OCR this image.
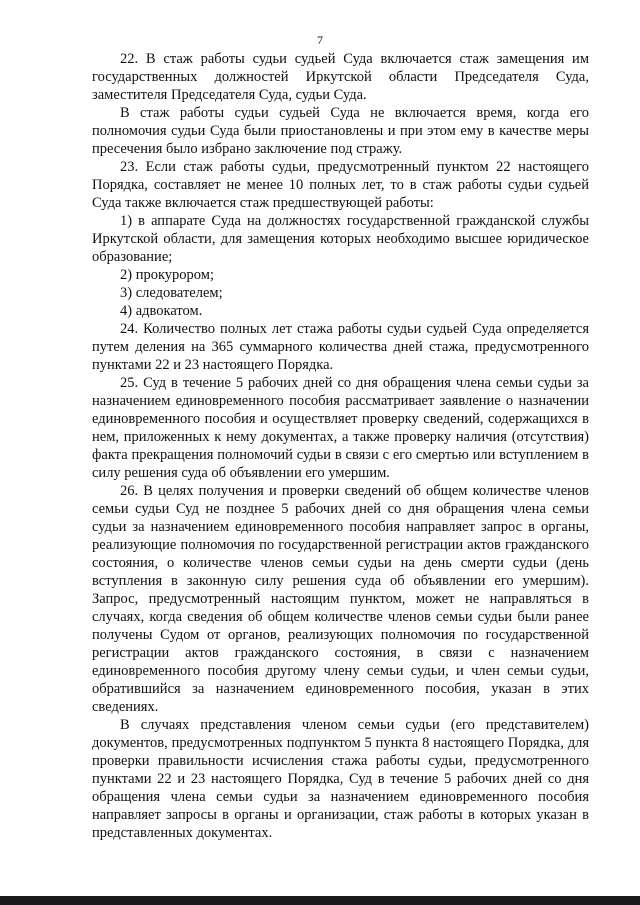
7

22. В стаж работы судьи судьей Суда включается стаж замещения им государственных должностей Иркутской области Председателя Суда, заместителя Председателя Суда, судьи Суда.

В стаж работы судьи судьей Суда не включается время, когда его полномочия судьи Суда были приостановлены и при этом ему в качестве меры пресечения было избрано заключение под стражу.

23. Если стаж работы судьи, предусмотренный пунктом 22 настоящего Порядка, составляет не менее 10 полных лет, то в стаж работы судьи судьей Суда также включается стаж предшествующей работы:

1) в аппарате Суда на должностях государственной гражданской службы Иркутской области, для замещения которых необходимо высшее юридическое образование;

2) прокурором;

3) следователем;

4) адвокатом.

24. Количество полных лет стажа работы судьи судьей Суда определяется путем деления на 365 суммарного количества дней стажа, предусмотренного пунктами 22 и 23 настоящего Порядка.

25. Суд в течение 5 рабочих дней со дня обращения члена семьи судьи за назначением единовременного пособия рассматривает заявление о назначении единовременного пособия и осуществляет проверку сведений, содержащихся в нем, приложенных к нему документах, а также проверку наличия (отсутствия) факта прекращения полномочий судьи в связи с его смертью или вступлением в силу решения суда об объявлении его умершим.

26. В целях получения и проверки сведений об общем количестве членов семьи судьи Суд не позднее 5 рабочих дней со дня обращения члена семьи судьи за назначением единовременного пособия направляет запрос в органы, реализующие полномочия по государственной регистрации актов гражданского состояния, о количестве членов семьи судьи на день смерти судьи (день вступления в законную силу решения суда об объявлении его умершим). Запрос, предусмотренный настоящим пунктом, может не направляться в случаях, когда сведения об общем количестве членов семьи судьи были ранее получены Судом от органов, реализующих полномочия по государственной регистрации актов гражданского состояния, в связи с назначением единовременного пособия другому члену семьи судьи, и член семьи судьи, обратившийся за назначением единовременного пособия, указан в этих сведениях.

В случаях представления членом семьи судьи (его представителем) документов, предусмотренных подпунктом 5 пункта 8 настоящего Порядка, для проверки правильности исчисления стажа работы судьи, предусмотренного пунктами 22 и 23 настоящего Порядка, Суд в течение 5 рабочих дней со дня обращения члена семьи судьи за назначением единовременного пособия направляет запросы в органы и организации, стаж работы в которых указан в представленных документах.
